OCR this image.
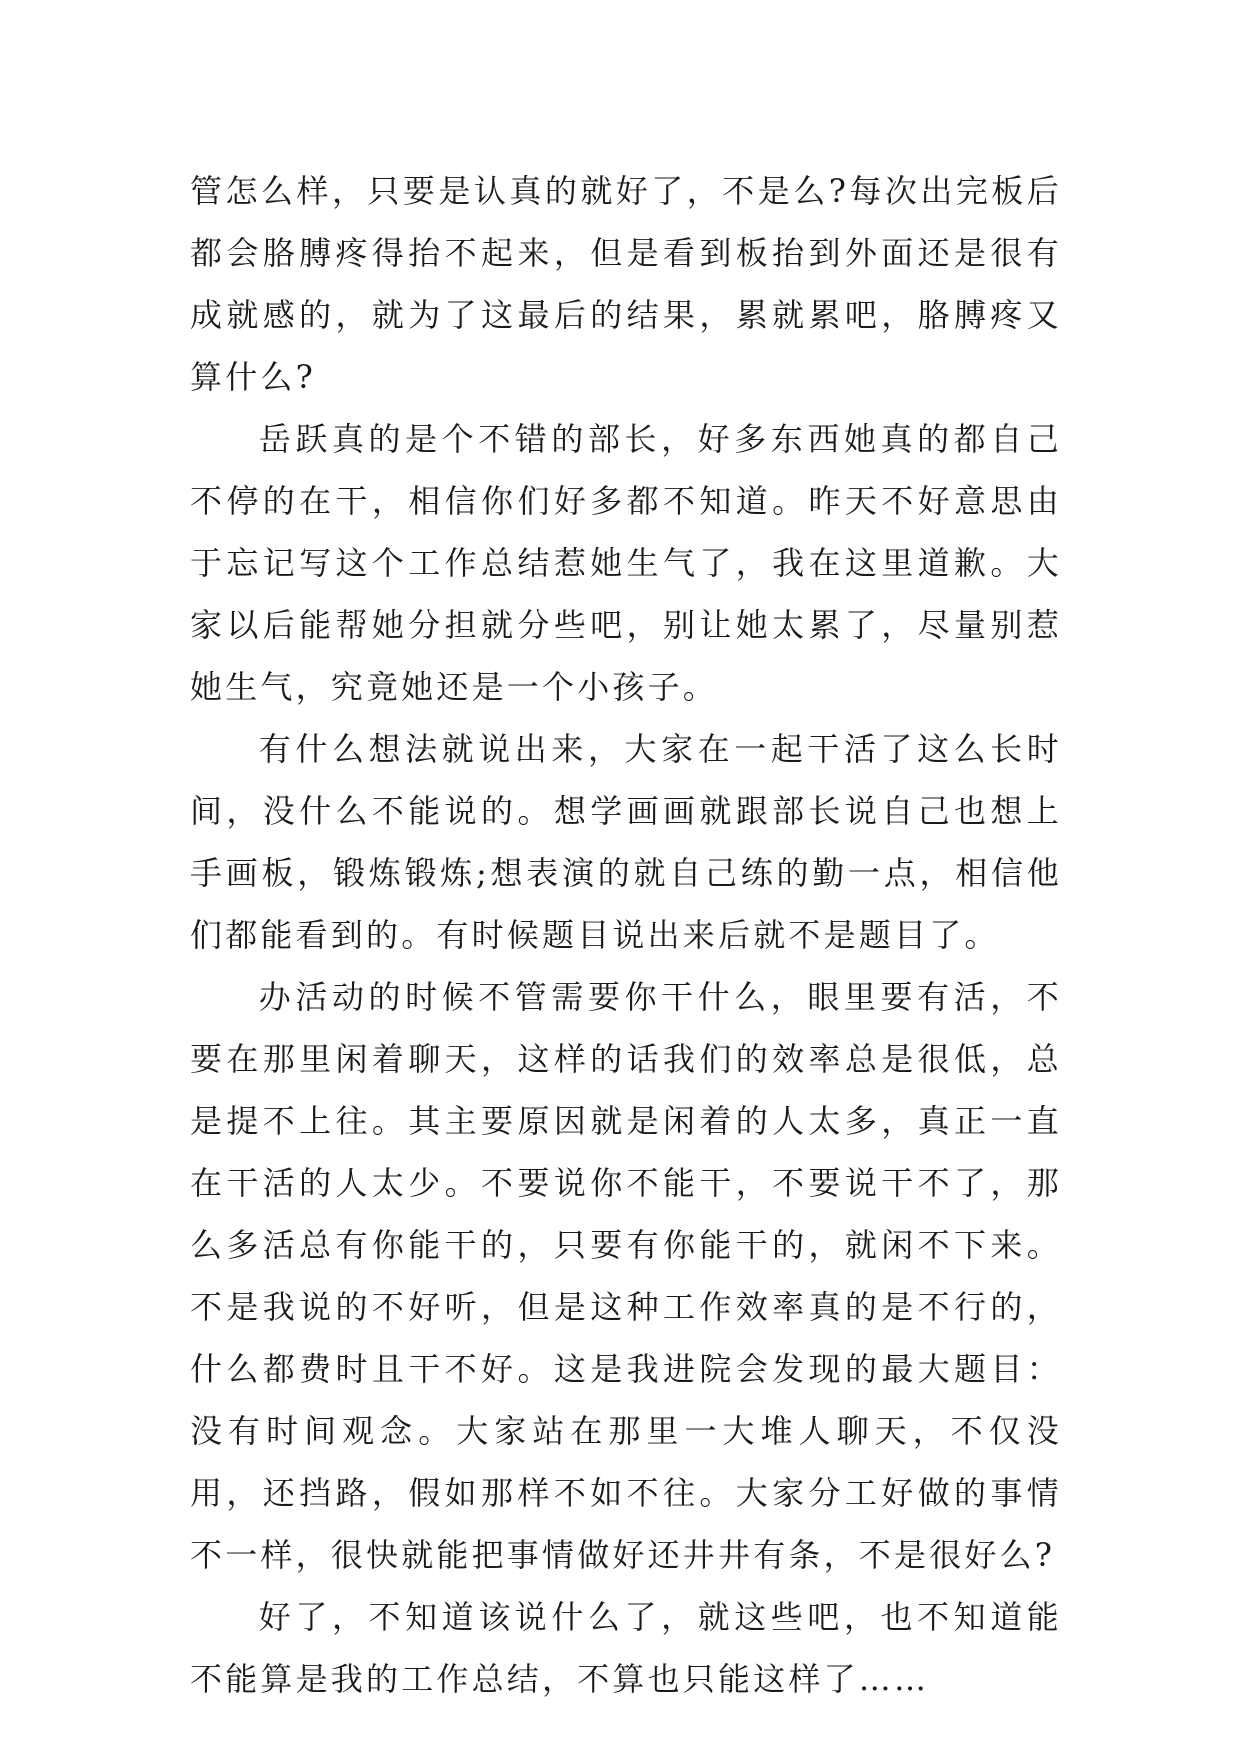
管怎么样，只要是认真的就好了，不是么?每次出完板后都会胳膊疼得抬不起来，但是看到板抬到外面还是很有成就感的，就为了这最后的结果，累就累吧，胳膊疼又算什么?

岳跃真的是个不错的部长，好多东西她真的都自己不停的在干，相信你们好多都不知道。昨天不好意思由于忘记写这个工作总结惹她生气了，我在这里道歉。大家以后能帮她分担就分些吧，别让她太累了，尽量别惹她生气，究竟她还是一个小孩子。

有什么想法就说出来，大家在一起干活了这么长时间，没什么不能说的。想学画画就跟部长说自己也想上手画板，锻炼锻炼;想表演的就自己练的勤一点，相信他们都能看到的。有时候题目说出来后就不是题目了。

办活动的时候不管需要你干什么，眼里要有活，不要在那里闲着聊天，这样的话我们的效率总是很低，总是提不上往。其主要原因就是闲着的人太多，真正一直在干活的人太少。不要说你不能干，不要说干不了，那么多活总有你能干的，只要有你能干的，就闲不下来。不是我说的不好听，但是这种工作效率真的是不行的，什么都费时且干不好。这是我进院会发现的最大题目：没有时间观念。大家站在那里一大堆人聊天，不仅没用，还挡路，假如那样不如不往。大家分工好做的事情不一样，很快就能把事情做好还井井有条，不是很好么?

好了，不知道该说什么了，就这些吧，也不知道能不能算是我的工作总结，不算也只能这样了……
